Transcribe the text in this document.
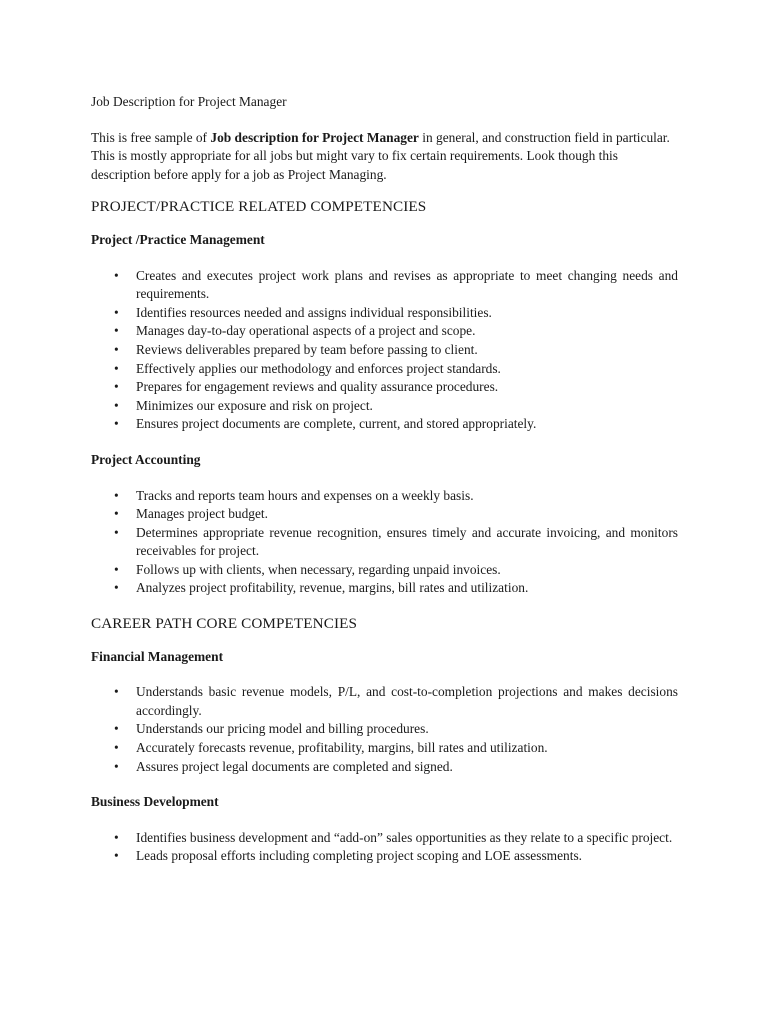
Job Description for Project Manager

This is free sample of Job description for Project Manager in general, and construction field in particular. This is mostly appropriate for all jobs but might vary to fix certain requirements. Look though this description before apply for a job as Project Managing.

PROJECT/PRACTICE RELATED COMPETENCIES

Project /Practice Management

• Creates and executes project work plans and revises as appropriate to meet changing needs and requirements.
• Identifies resources needed and assigns individual responsibilities.
• Manages day-to-day operational aspects of a project and scope.
• Reviews deliverables prepared by team before passing to client.
• Effectively applies our methodology and enforces project standards.
• Prepares for engagement reviews and quality assurance procedures.
• Minimizes our exposure and risk on project.
• Ensures project documents are complete, current, and stored appropriately.

Project Accounting

• Tracks and reports team hours and expenses on a weekly basis.
• Manages project budget.
• Determines appropriate revenue recognition, ensures timely and accurate invoicing, and monitors receivables for project.
• Follows up with clients, when necessary, regarding unpaid invoices.
• Analyzes project profitability, revenue, margins, bill rates and utilization.
CAREER PATH CORE COMPETENCIES

Financial Management

• Understands basic revenue models, P/L, and cost-to-completion projections and makes decisions accordingly.
• Understands our pricing model and billing procedures.
• Accurately forecasts revenue, profitability, margins, bill rates and utilization.
• Assures project legal documents are completed and signed.

Business Development

• Identifies business development and “add-on” sales opportunities as they relate to a specific project.
• Leads proposal efforts including completing project scoping and LOE assessments.
